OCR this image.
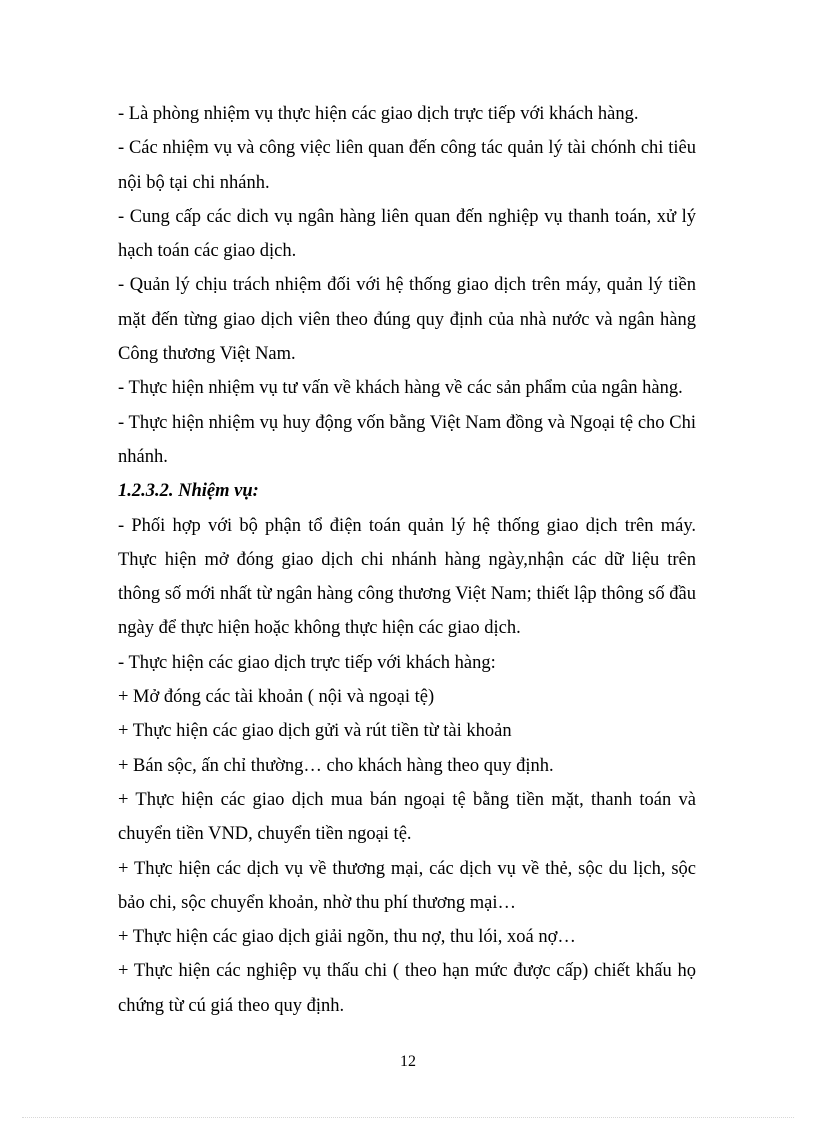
- Là phòng nhiệm vụ thực hiện các giao dịch trực tiếp với khách hàng.

- Các nhiệm vụ và công việc liên quan đến công tác quản lý tài chónh chi tiêu nội bộ tại chi nhánh.

- Cung cấp các dich vụ ngân hàng liên quan đến nghiệp vụ thanh toán, xử lý hạch toán các giao dịch.

- Quản lý chịu trách nhiệm đối với hệ thống giao dịch trên máy, quản lý tiền mặt đến từng giao dịch viên theo đúng quy định của nhà nước và ngân hàng Công thương Việt Nam.

- Thực hiện nhiệm vụ tư vấn về khách hàng về các sản phẩm của ngân hàng.

- Thực hiện nhiệm vụ huy động vốn bằng Việt Nam đồng và Ngoại tệ cho Chi nhánh.

1.2.3.2. Nhiệm vụ:

- Phối hợp với bộ phận tổ điện toán quản lý hệ thống giao dịch trên máy. Thực hiện mở đóng giao dịch chi nhánh hàng ngày,nhận các dữ liệu trên thông số mới nhất từ ngân hàng công thương Việt Nam; thiết lập thông số đầu ngày để thực hiện hoặc không thực hiện các giao dịch.

- Thực hiện các giao dịch trực tiếp với khách hàng:

+ Mở đóng các tài khoản ( nội và ngoại tệ)

+ Thực hiện các giao dịch gửi và rút tiền từ tài khoản

+ Bán sộc, ấn chỉ thường… cho khách hàng theo quy định.

+ Thực hiện các giao dịch mua bán ngoại tệ bằng tiền mặt, thanh toán và chuyển tiền VND, chuyển tiền ngoại tệ.

+ Thực hiện các dịch vụ về thương mại, các dịch vụ về thẻ, sộc du lịch, sộc bảo chi, sộc chuyển khoản, nhờ thu phí thương mại…

+ Thực hiện các giao dịch giải ngõn, thu nợ, thu lói, xoá nợ…

+ Thực hiện các nghiệp vụ thấu chi ( theo hạn mức được cấp) chiết khấu họ chứng từ cú giá theo quy định.

12
